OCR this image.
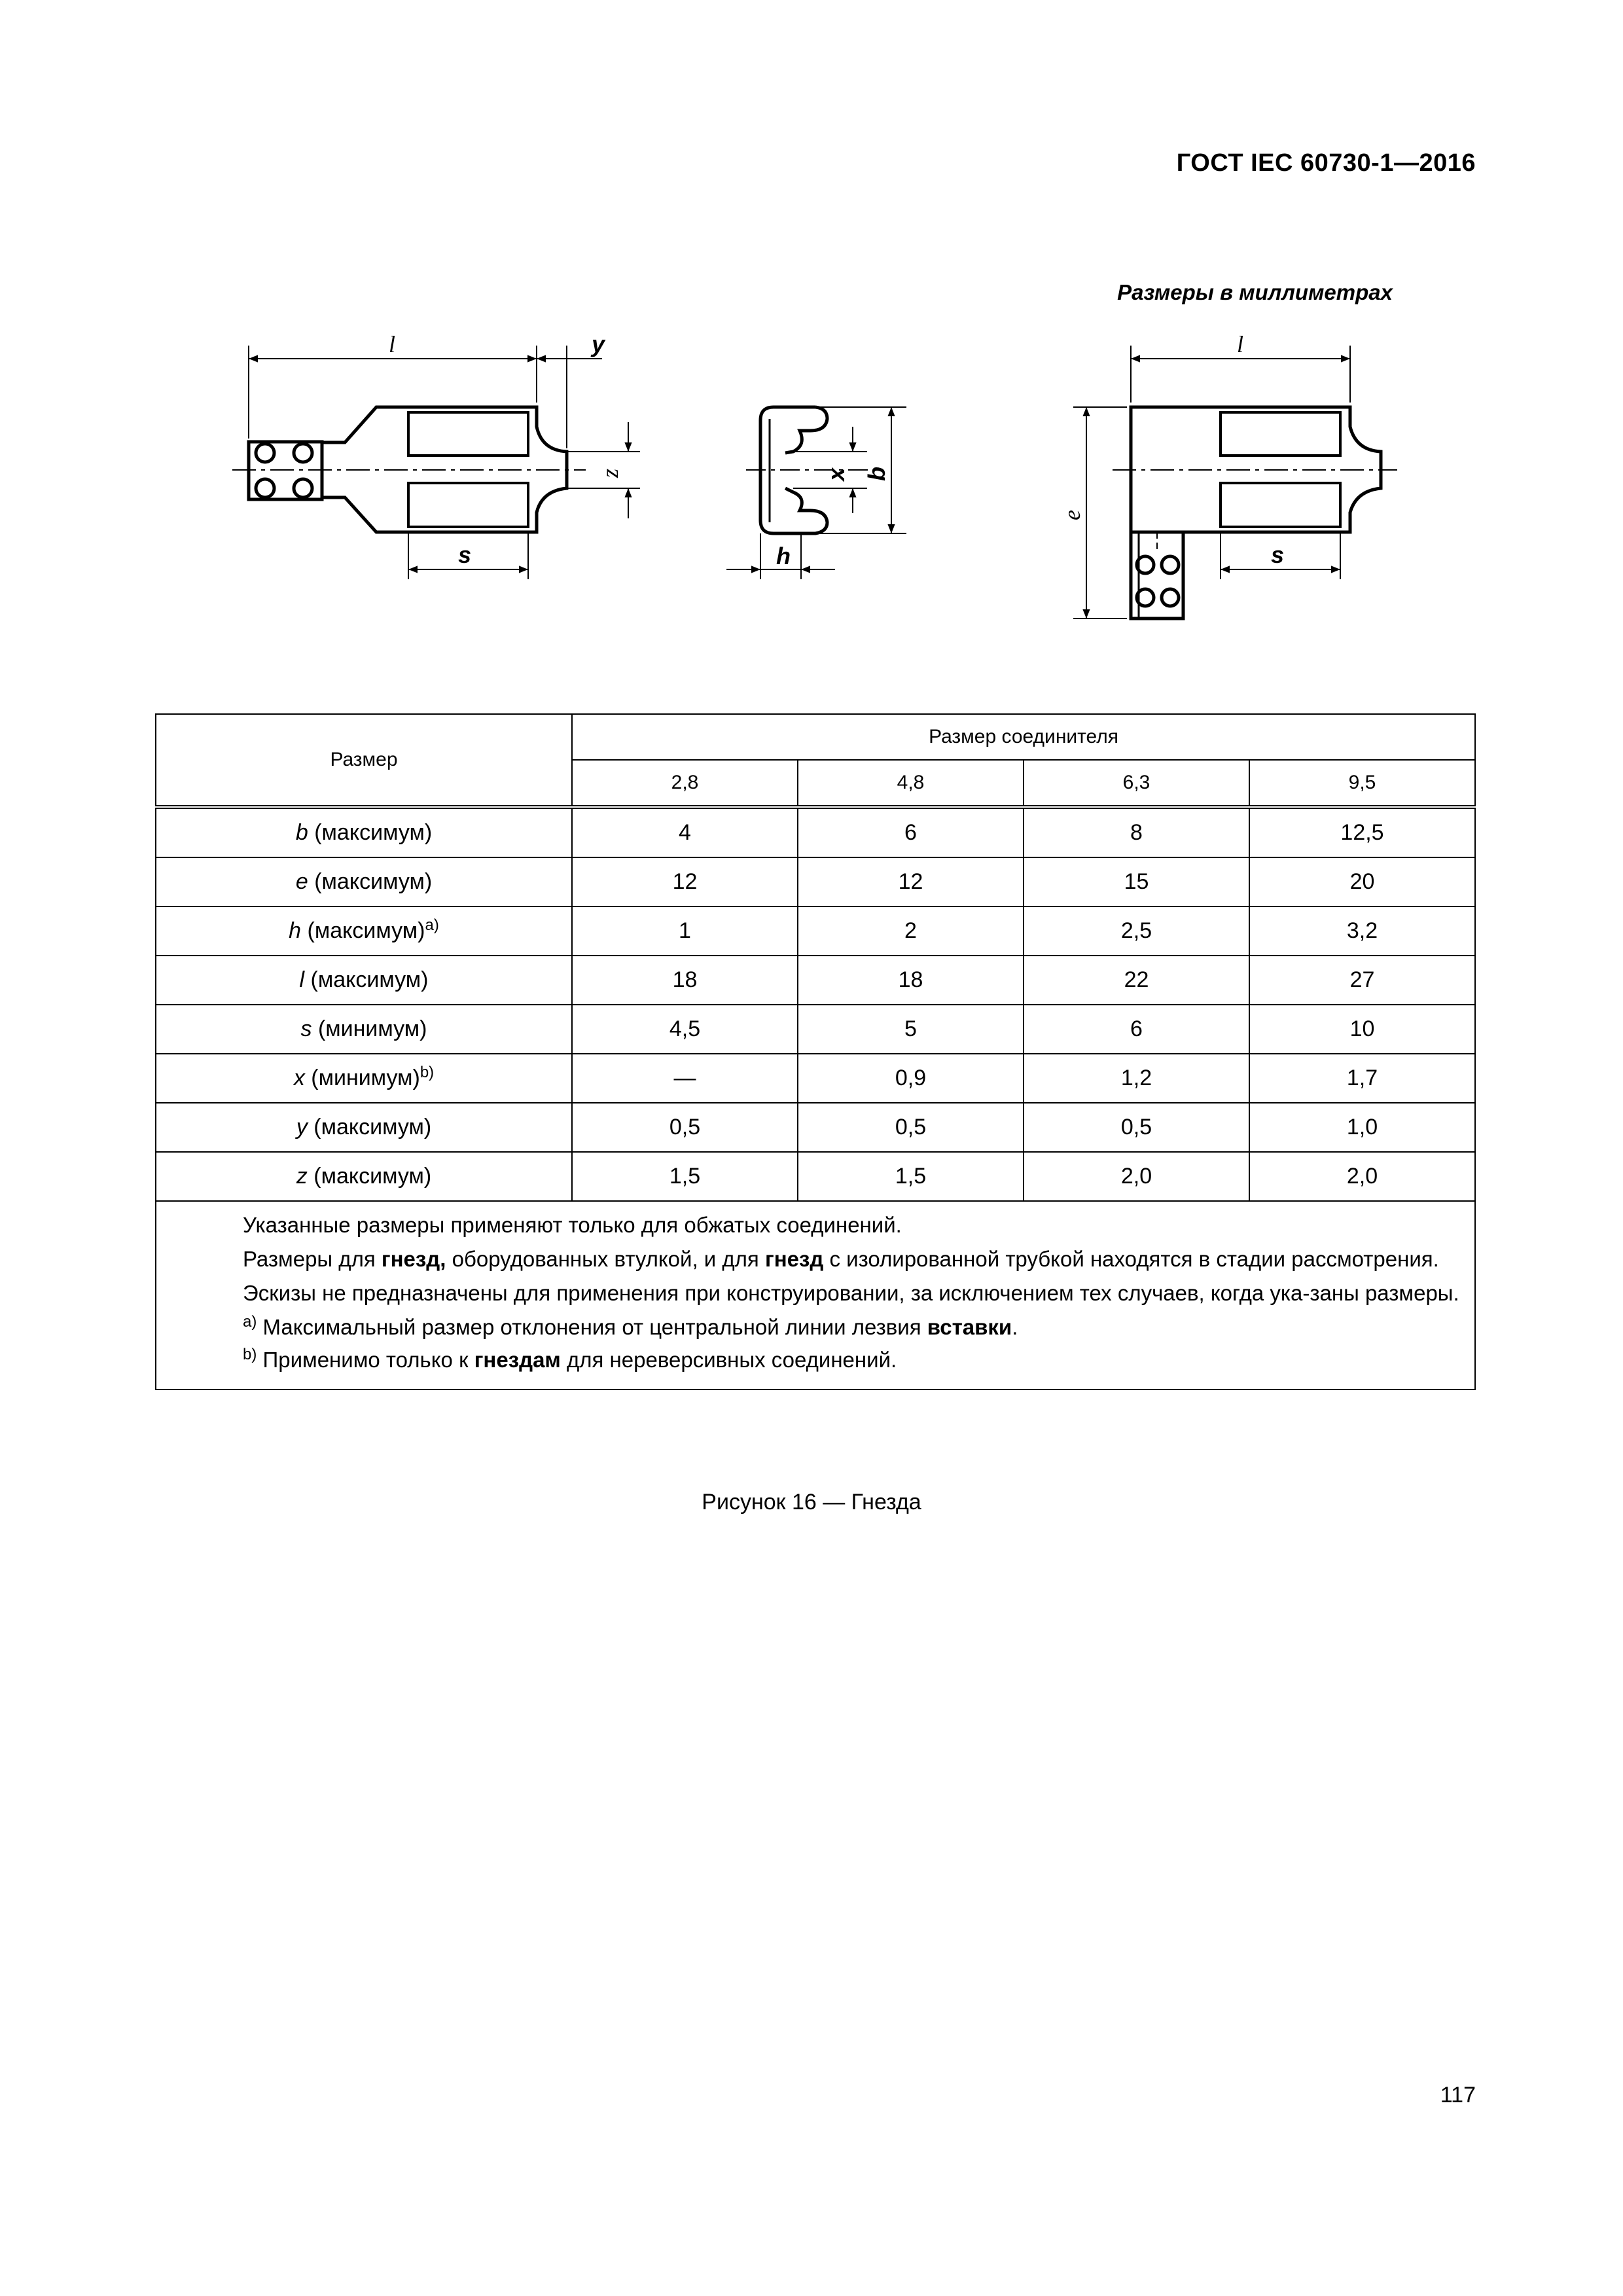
ГОСТ IEC 60730-1—2016
Размеры в миллиметрах
l	y
z
s
x b
h
l
e
s
Размер	Размер соединителя			
	2,8	4,8	6,3	9,5
b (максимум)	4	6	8	12,5
e (максимум)	12	12	15	20
h (максимум)$^{a)}$	1	2	2,5	3,2
l (максимум)	18	18	22	27
s (минимум)	4,5	5	6	10
x (минимум)$^{b)}$	—	0,9	1,2	1,7
y (максимум)	0,5	0,5	0,5	1,0
z (максимум)	1,5	1,5	2,0	2,0

Указанные размеры применяют только для обжатых соединений.

Размеры для гнезд, оборудованных втулкой, и для гнезд с изолированной трубкой находятся в стадии рассмотрения.

Эскизы не предназначены для применения при конструировании, за исключением тех случаев, когда ука-заны размеры.

$^{a)}$ Максимальный размер отклонения от центральной линии лезвия вставки.

$^{b)}$ Применимо только к гнездам для нереверсивных соединений.				

Рисунок 16 — Гнезда
117
